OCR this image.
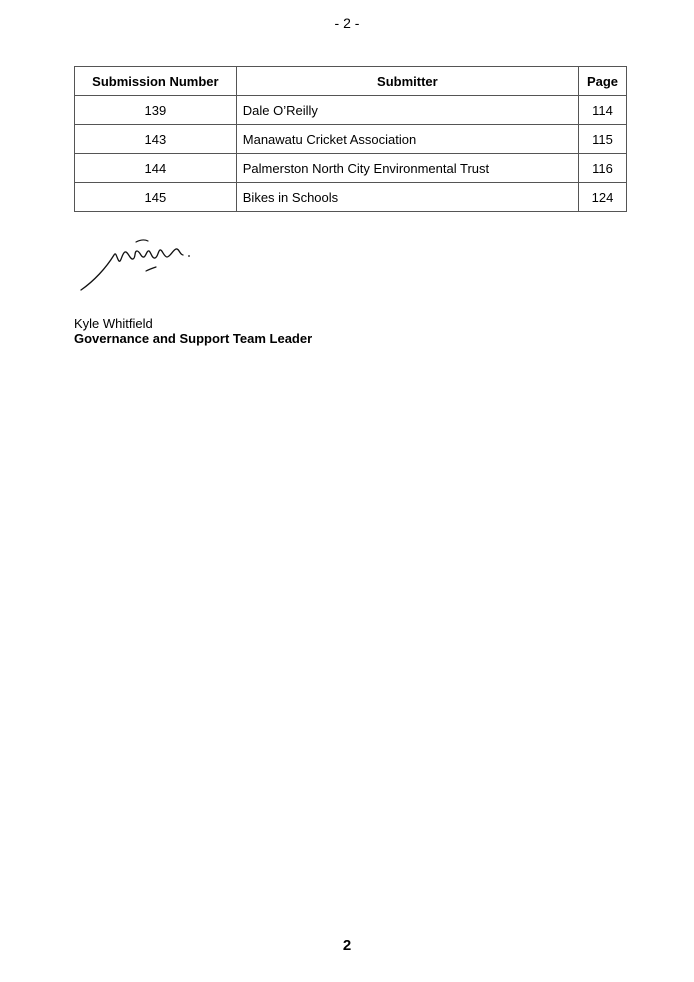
- 2 -
Submission Number	Submitter	Page
139	Dale O’Reilly	114
143	Manawatu Cricket Association	115
144	Palmerston North City Environmental Trust	116
145	Bikes in Schools	124
Kyle Whitfield
Governance and Support Team Leader
2
